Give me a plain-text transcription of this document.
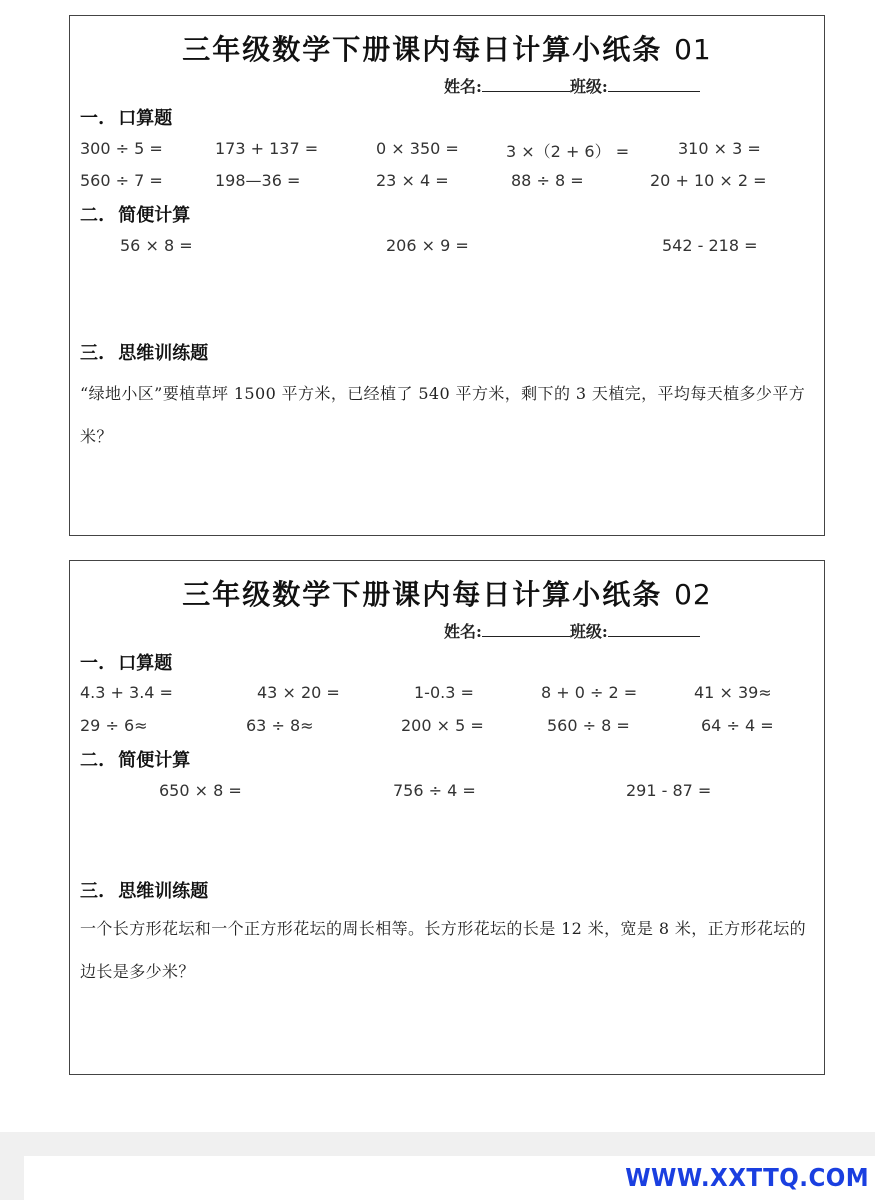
三年级数学下册课内每日计算小纸条 01
姓名:	班级:
一. 口算题
300 ÷ 5 =	173 + 137 =	0 × 350 =	3 ×（2 + 6） =	310 × 3 =
560 ÷ 7 =	198—36 =	23 × 4 =	88 ÷ 8 =	20 + 10 × 2 =
二. 简便计算
56 × 8 =	206 × 9 =	542 - 218 =
三. 思维训练题
“绿地小区”要植草坪 1500 平方米，已经植了 540 平方米，剩下的 3 天植完，平均每天植多少平方米？
三年级数学下册课内每日计算小纸条 02
姓名:	班级:
一. 口算题
4.3 + 3.4 =	43 × 20 =	1-0.3 =	8 + 0 ÷ 2 =	41 × 39≈
29 ÷ 6≈	63 ÷ 8≈	200 × 5 =	560 ÷ 8 =	64 ÷ 4 =
二. 简便计算
650 × 8 =	756 ÷ 4 =	291 - 87 =
三. 思维训练题
一个长方形花坛和一个正方形花坛的周长相等。长方形花坛的长是 12 米，宽是 8 米，正方形花坛的边长是多少米？
WWW.XXTTQ.COM
